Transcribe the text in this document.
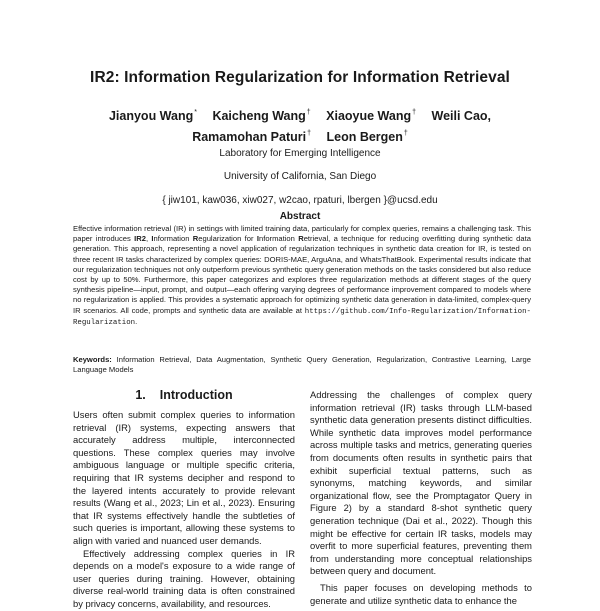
IR2: Information Regularization for Information Retrieval
Jianyou Wang* Kaicheng Wang† Xiaoyue Wang† Weili Cao,
Ramamohan Paturi† Leon Bergen†
Laboratory for Emerging Intelligence
University of California, San Diego
{ jiw101, kaw036, xiw027, w2cao, rpaturi, lbergen }@ucsd.edu
Abstract
Effective information retrieval (IR) in settings with limited training data, particularly for complex queries, remains a challenging task. This paper introduces IR2, Information Regularization for Information Retrieval, a technique for reducing overfitting during synthetic data generation. This approach, representing a novel application of regularization techniques in synthetic data creation for IR, is tested on three recent IR tasks characterized by complex queries: DORIS-MAE, ArguAna, and WhatsThatBook. Experimental results indicate that our regularization techniques not only outperform previous synthetic query generation methods on the tasks considered but also reduce cost by up to 50%. Furthermore, this paper categorizes and explores three regularization methods at different stages of the query synthesis pipeline—input, prompt, and output—each offering varying degrees of performance improvement compared to models where no regularization is applied. This provides a systematic approach for optimizing synthetic data generation in data-limited, complex-query IR scenarios. All code, prompts and synthetic data are available at https://github.com/Info-Regularization/Information-Regularization.
Keywords: Information Retrieval, Data Augmentation, Synthetic Query Generation, Regularization, Contrastive Learning, Large Language Models
1. Introduction

Users often submit complex queries to information retrieval (IR) systems, expecting answers that accurately address multiple, interconnected questions. These complex queries may involve ambiguous language or multiple specific criteria, requiring that IR systems decipher and respond to the layered intents accurately to provide relevant results (Wang et al., 2023; Lin et al., 2023). Ensuring that IR systems effectively handle the subtleties of such queries is important, allowing these systems to align with varied and nuanced user demands.

Effectively addressing complex queries in IR depends on a model's exposure to a wide range of user queries during training. However, obtaining diverse real-world training data is often constrained by privacy concerns, availability, and resources.

Addressing the challenges of complex query information retrieval (IR) tasks through LLM-based synthetic data generation presents distinct difficulties. While synthetic data improves model performance across multiple tasks and metrics, generating queries from documents often results in synthetic pairs that exhibit superficial textual patterns, such as synonyms, matching keywords, and similar organizational flow, see the Promptagator Query in Figure 2) by a standard 8-shot synthetic query generation technique (Dai et al., 2022). Though this might be effective for certain IR tasks, models may overfit to more superficial features, preventing them from understanding more conceptual relationships between query and document.

This paper focuses on developing methods to generate and utilize synthetic data to enhance the
